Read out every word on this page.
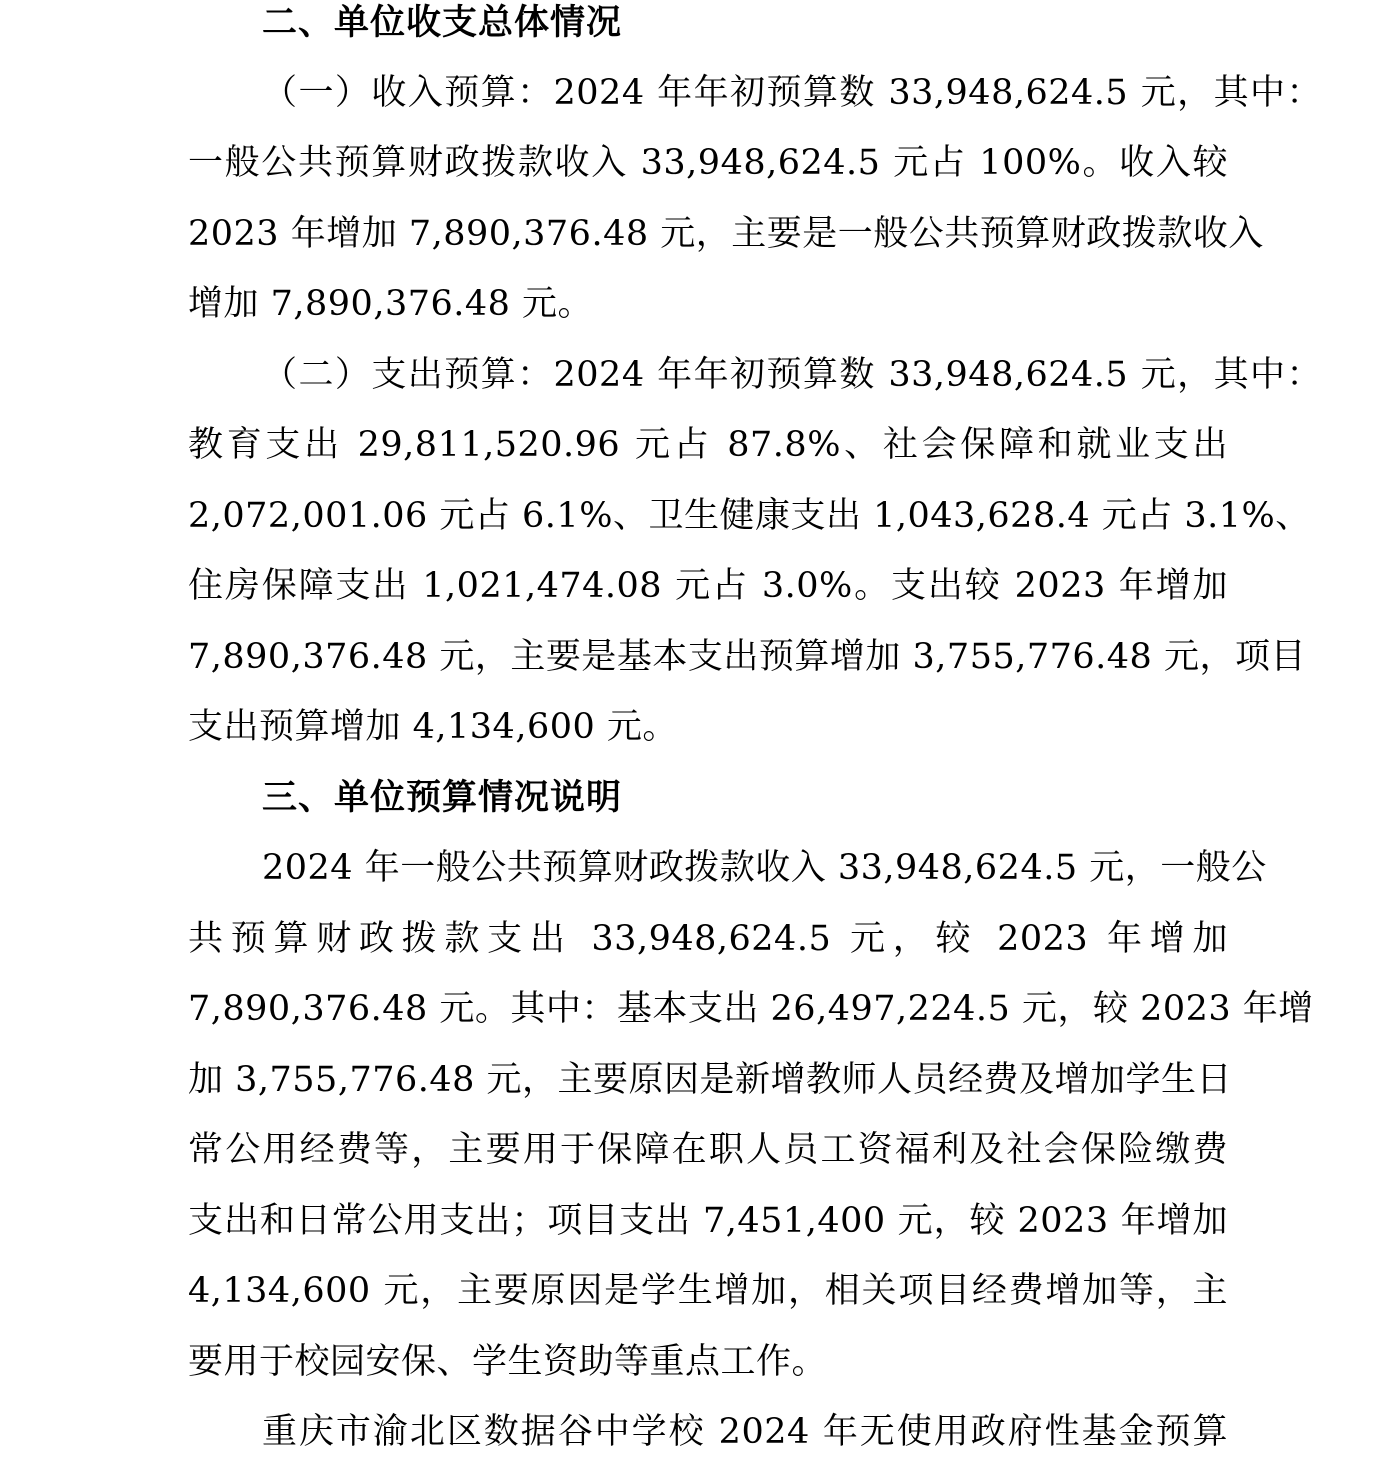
二、单位收支总体情况
（一）收入预算：2024 年年初预算数 33,948,624.5 元，其中：
一般公共预算财政拨款收入 33,948,624.5 元占 100%。收入较
2023 年增加 7,890,376.48 元，主要是一般公共预算财政拨款收入
增加 7,890,376.48 元。
（二）支出预算：2024 年年初预算数 33,948,624.5 元，其中：
教育支出 29,811,520.96 元占 87.8%、社会保障和就业支出
2,072,001.06 元占 6.1%、卫生健康支出 1,043,628.4 元占 3.1%、
住房保障支出 1,021,474.08 元占 3.0%。支出较 2023 年增加
7,890,376.48 元，主要是基本支出预算增加 3,755,776.48 元，项目
支出预算增加 4,134,600 元。
三、单位预算情况说明
2024 年一般公共预算财政拨款收入 33,948,624.5 元，一般公
共预算财政拨款支出 33,948,624.5 元，较 2023 年增加
7,890,376.48 元。其中：基本支出 26,497,224.5 元，较 2023 年增
加 3,755,776.48 元，主要原因是新增教师人员经费及增加学生日
常公用经费等，主要用于保障在职人员工资福利及社会保险缴费
支出和日常公用支出；项目支出 7,451,400 元，较 2023 年增加
4,134,600 元，主要原因是学生增加，相关项目经费增加等，主
要用于校园安保、学生资助等重点工作。
重庆市渝北区数据谷中学校 2024 年无使用政府性基金预算
